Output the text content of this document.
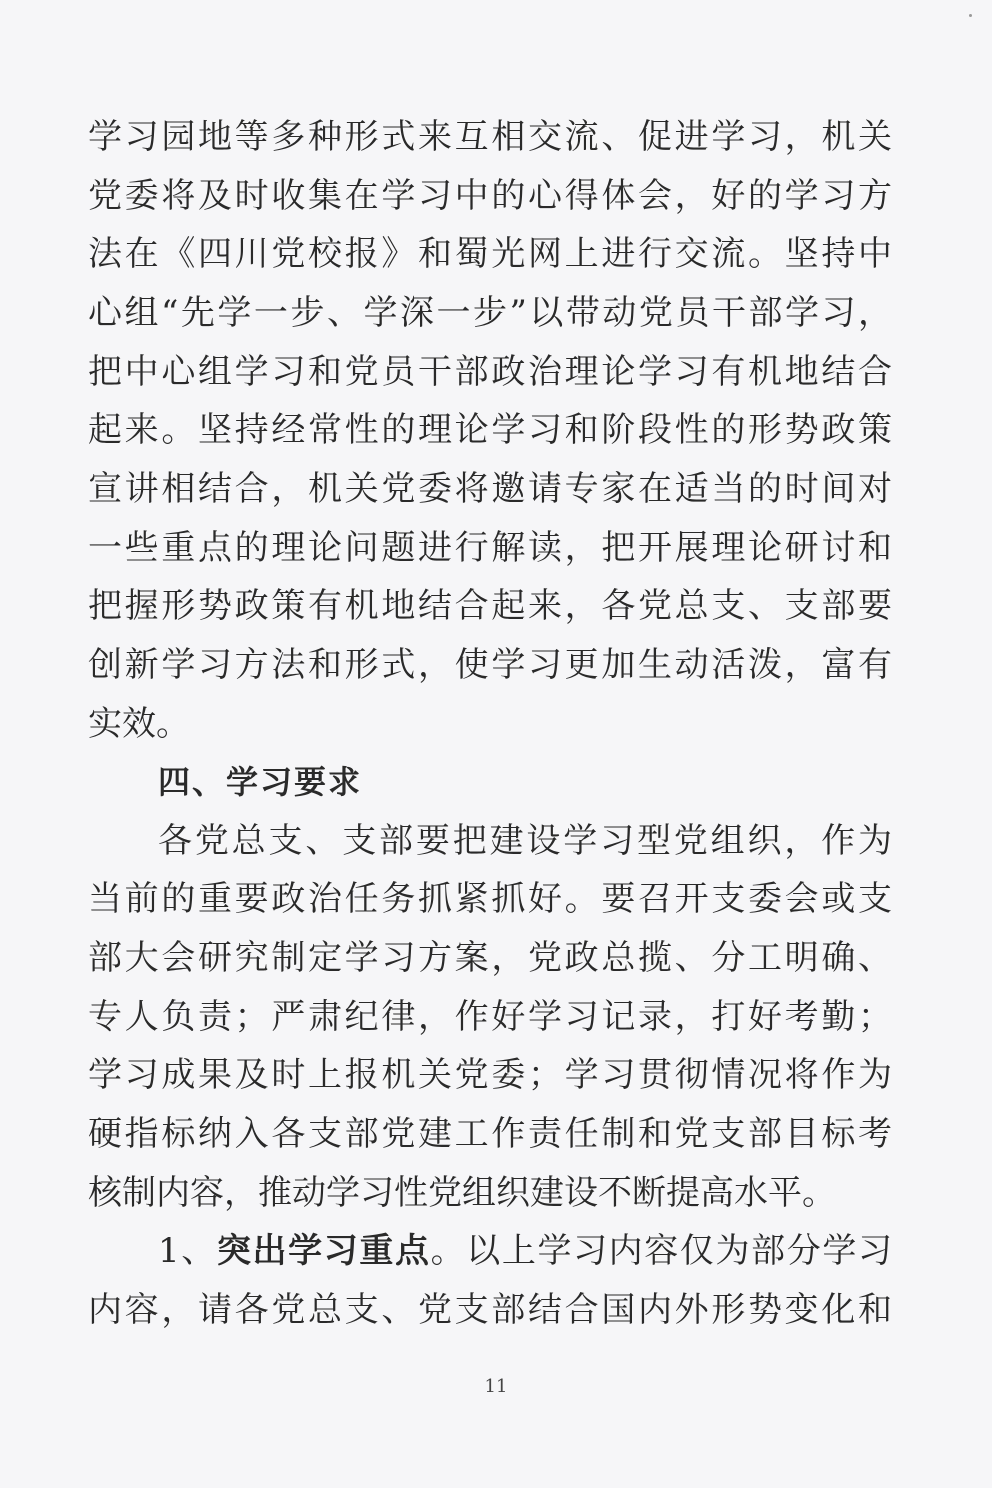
学习园地等多种形式来互相交流、促进学习，机关
党委将及时收集在学习中的心得体会，好的学习方
法在《四川党校报》和蜀光网上进行交流。坚持中
心组“先学一步、学深一步”以带动党员干部学习，
把中心组学习和党员干部政治理论学习有机地结合
起来。坚持经常性的理论学习和阶段性的形势政策
宣讲相结合，机关党委将邀请专家在适当的时间对
一些重点的理论问题进行解读，把开展理论研讨和
把握形势政策有机地结合起来，各党总支、支部要
创新学习方法和形式，使学习更加生动活泼，富有
实效。
四、学习要求
各党总支、支部要把建设学习型党组织，作为
当前的重要政治任务抓紧抓好。要召开支委会或支
部大会研究制定学习方案，党政总揽、分工明确、
专人负责；严肃纪律，作好学习记录，打好考勤；
学习成果及时上报机关党委；学习贯彻情况将作为
硬指标纳入各支部党建工作责任制和党支部目标考
核制内容，推动学习性党组织建设不断提高水平。
1、突出学习重点。以上学习内容仅为部分学习
内容，请各党总支、党支部结合国内外形势变化和
11
